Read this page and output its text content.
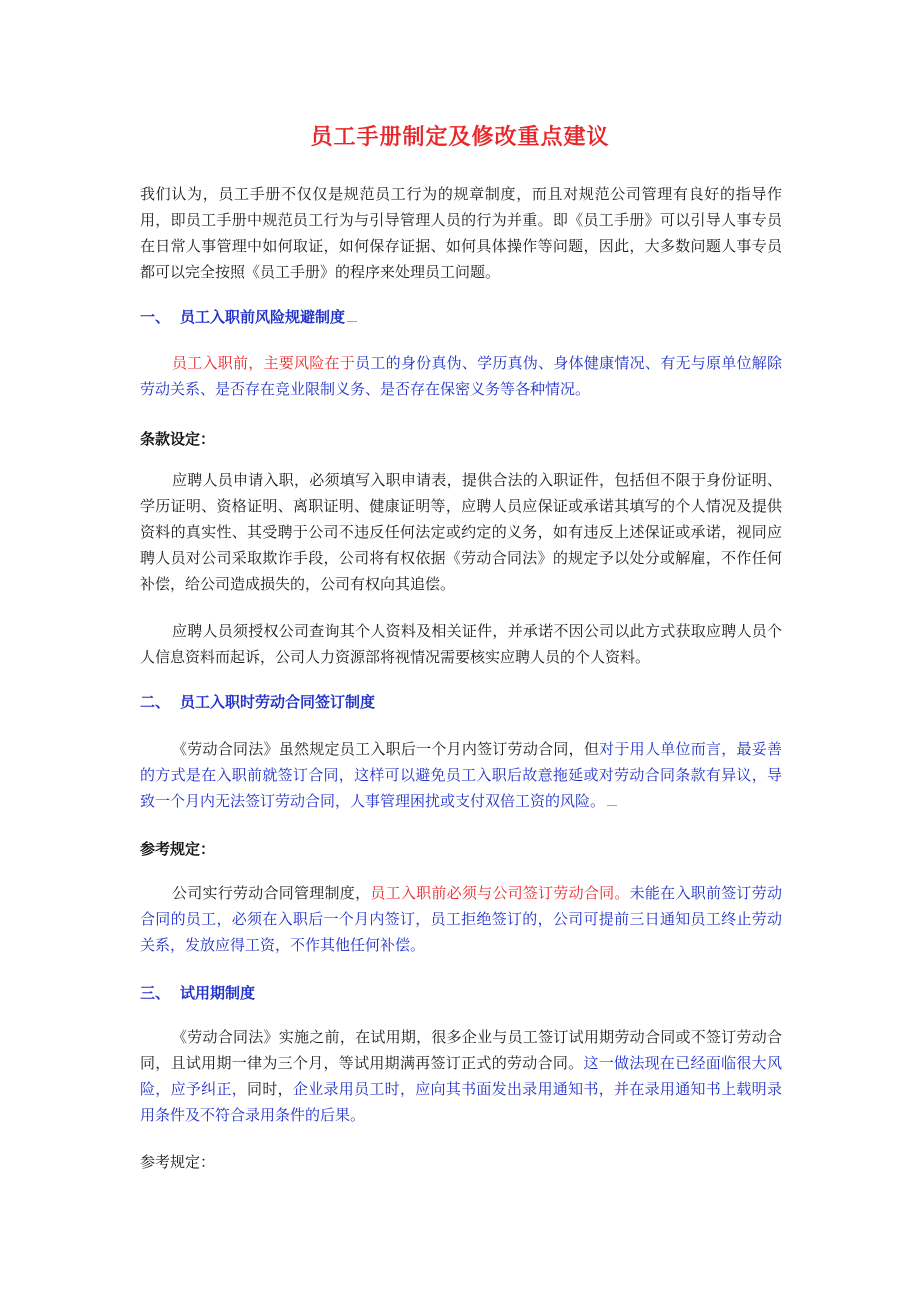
员工手册制定及修改重点建议

我们认为，员工手册不仅仅是规范员工行为的规章制度，而且对规范公司管理有良好的指导作用，即员工手册中规范员工行为与引导管理人员的行为并重。即《员工手册》可以引导人事专员在日常人事管理中如何取证，如何保存证据、如何具体操作等问题，因此，大多数问题人事专员都可以完全按照《员工手册》的程序来处理员工问题。

一、 员工入职前风险规避制度

员工入职前，主要风险在于员工的身份真伪、学历真伪、身体健康情况、有无与原单位解除劳动关系、是否存在竞业限制义务、是否存在保密义务等各种情况。

条款设定：

应聘人员申请入职，必须填写入职申请表，提供合法的入职证件，包括但不限于身份证明、学历证明、资格证明、离职证明、健康证明等，应聘人员应保证或承诺其填写的个人情况及提供资料的真实性、其受聘于公司不违反任何法定或约定的义务，如有违反上述保证或承诺，视同应聘人员对公司采取欺诈手段，公司将有权依据《劳动合同法》的规定予以处分或解雇，不作任何补偿，给公司造成损失的，公司有权向其追偿。

应聘人员须授权公司查询其个人资料及相关证件，并承诺不因公司以此方式获取应聘人员个人信息资料而起诉，公司人力资源部将视情况需要核实应聘人员的个人资料。

二、 员工入职时劳动合同签订制度

《劳动合同法》虽然规定员工入职后一个月内签订劳动合同，但对于用人单位而言，最妥善的方式是在入职前就签订合同，这样可以避免员工入职后故意拖延或对劳动合同条款有异议，导致一个月内无法签订劳动合同，人事管理困扰或支付双倍工资的风险。

参考规定：

公司实行劳动合同管理制度，员工入职前必须与公司签订劳动合同。未能在入职前签订劳动合同的员工，必须在入职后一个月内签订，员工拒绝签订的，公司可提前三日通知员工终止劳动关系，发放应得工资，不作其他任何补偿。

三、 试用期制度

《劳动合同法》实施之前，在试用期，很多企业与员工签订试用期劳动合同或不签订劳动合同，且试用期一律为三个月，等试用期满再签订正式的劳动合同。这一做法现在已经面临很大风险，应予纠正，同时，企业录用员工时，应向其书面发出录用通知书，并在录用通知书上载明录用条件及不符合录用条件的后果。

参考规定：
